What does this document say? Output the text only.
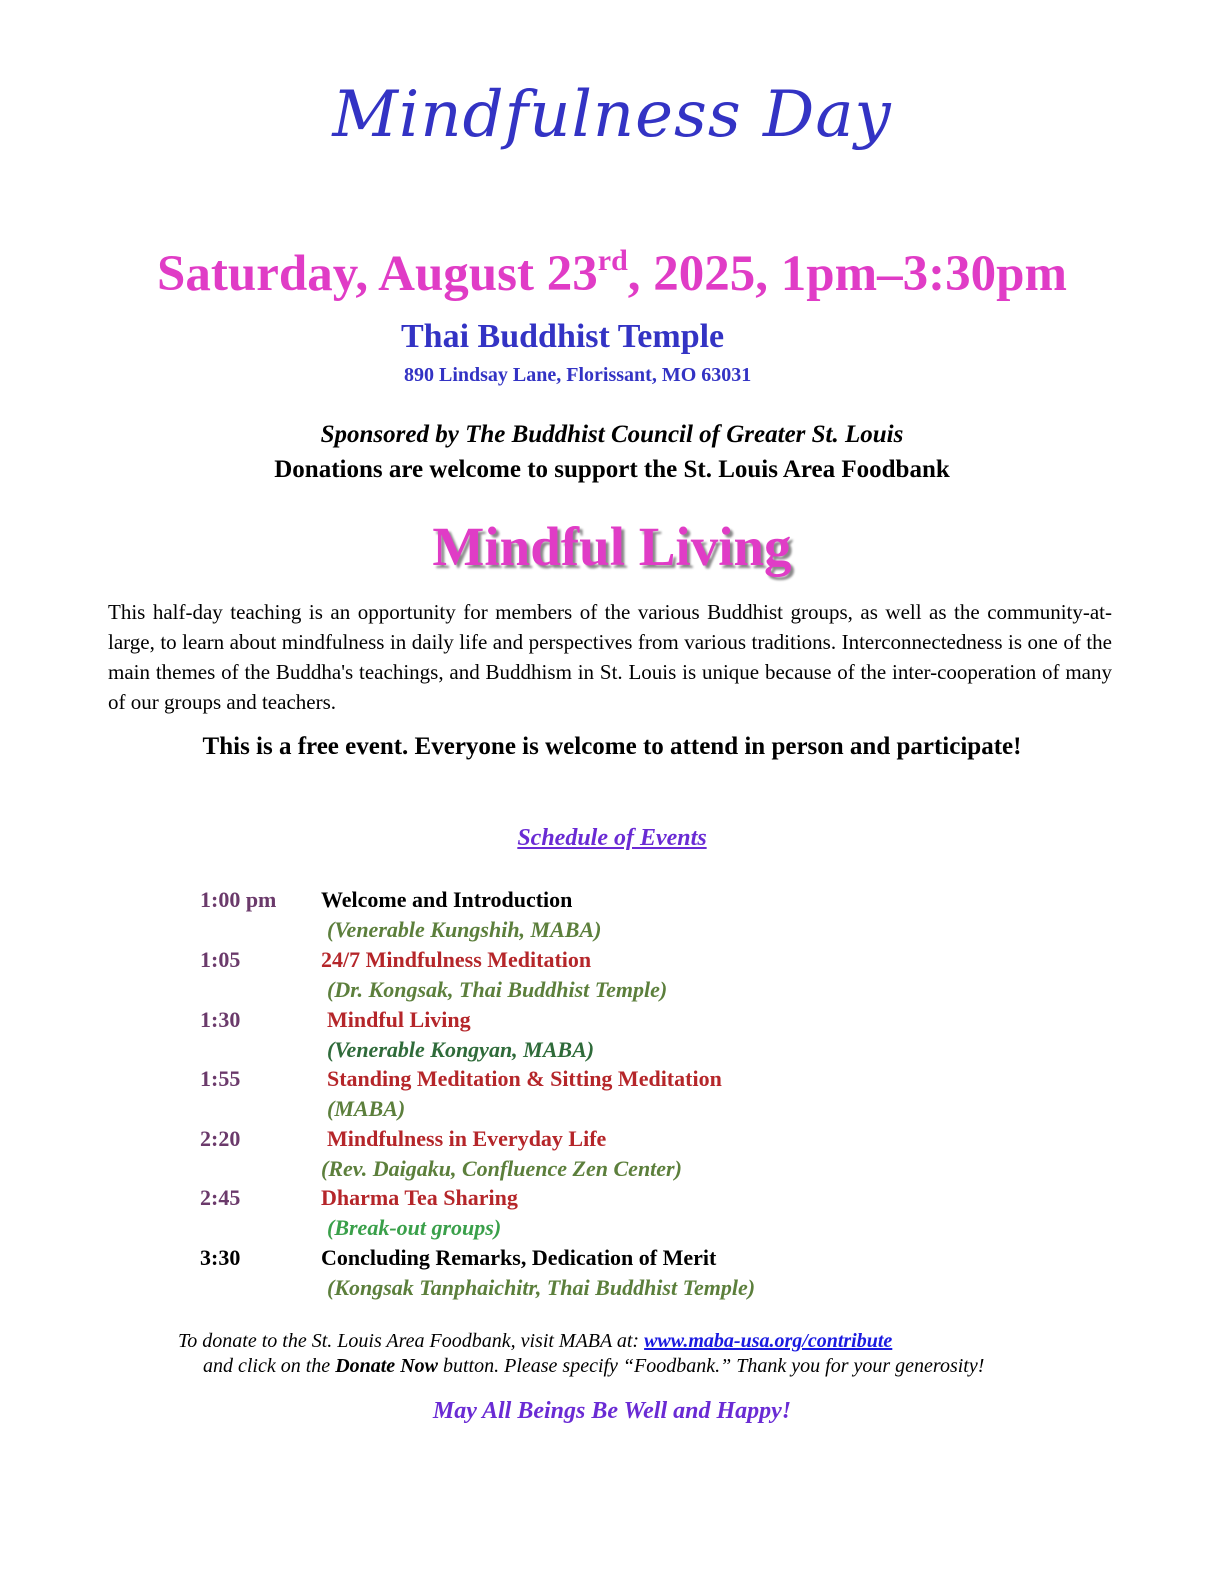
Mindfulness Day
Saturday, August 23rd, 2025, 1pm–3:30pm
Thai Buddhist Temple
890 Lindsay Lane, Florissant, MO 63031
Sponsored by The Buddhist Council of Greater St. Louis
Donations are welcome to support the St. Louis Area Foodbank
Mindful Living
This half-day teaching is an opportunity for members of the various Buddhist groups, as well as the community-at-large, to learn about mindfulness in daily life and perspectives from various traditions. Interconnectedness is one of the main themes of the Buddha's teachings, and Buddhism in St. Louis is unique because of the inter-cooperation of many of our groups and teachers.
This is a free event. Everyone is welcome to attend in person and participate!
Schedule of Events
1:00 pm Welcome and Introduction
(Venerable Kungshih, MABA)
1:05	24/7 Mindfulness Meditation
(Dr. Kongsak, Thai Buddhist Temple)
1:30	Mindful Living
(Venerable Kongyan, MABA)
1:55	Standing Meditation & Sitting Meditation
(MABA)
2:20	Mindfulness in Everyday Life
(Rev. Daigaku, Confluence Zen Center)
2:45	Dharma Tea Sharing
(Break-out groups)
3:30	Concluding Remarks, Dedication of Merit
(Kongsak Tanphaichitr, Thai Buddhist Temple)
To donate to the St. Louis Area Foodbank, visit MABA at: www.maba-usa.org/contribute
and click on the Donate Now button. Please specify “Foodbank.” Thank you for your generosity!
May All Beings Be Well and Happy!
